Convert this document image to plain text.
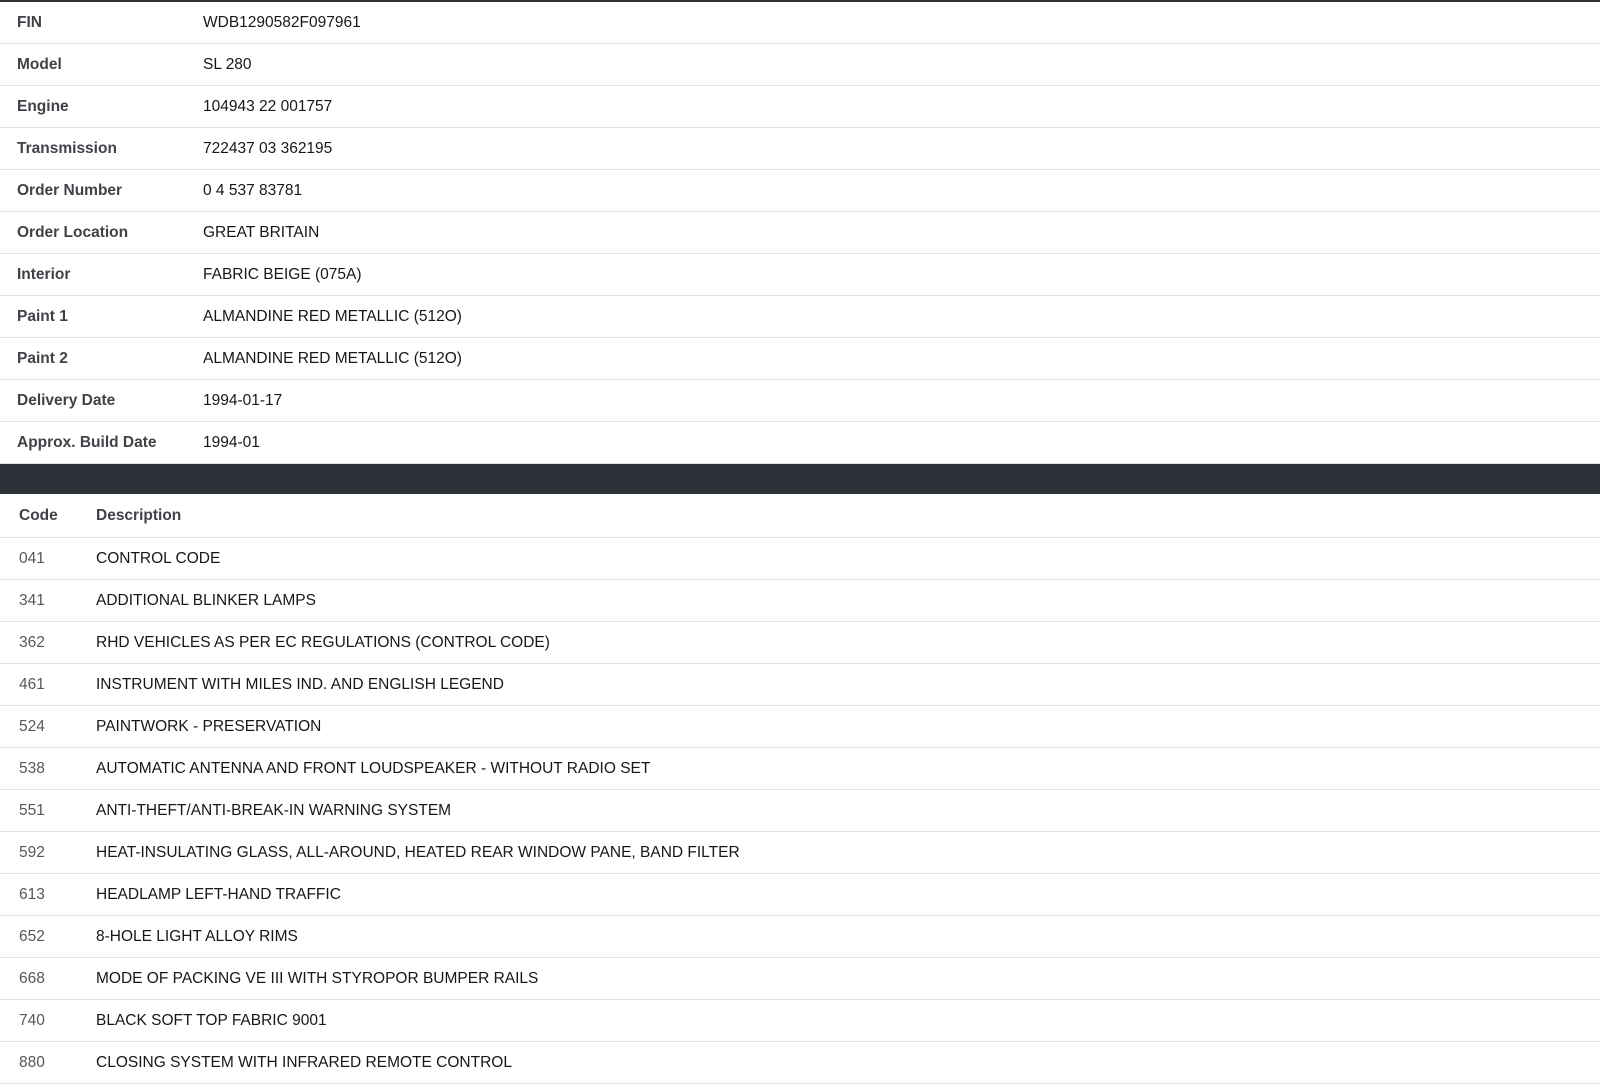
FIN	WDB1290582F097961
Model	SL 280
Engine	104943 22 001757
Transmission	722437 03 362195
Order Number	0 4 537 83781
Order Location	GREAT BRITAIN
Interior	FABRIC BEIGE (075A)
Paint 1	ALMANDINE RED METALLIC (512O)
Paint 2	ALMANDINE RED METALLIC (512O)
Delivery Date	1994-01-17
Approx. Build Date	1994-01
Code	Description
041	CONTROL CODE
341	ADDITIONAL BLINKER LAMPS
362	RHD VEHICLES AS PER EC REGULATIONS (CONTROL CODE)
461	INSTRUMENT WITH MILES IND. AND ENGLISH LEGEND
524	PAINTWORK - PRESERVATION
538	AUTOMATIC ANTENNA AND FRONT LOUDSPEAKER - WITHOUT RADIO SET
551	ANTI-THEFT/ANTI-BREAK-IN WARNING SYSTEM
592	HEAT-INSULATING GLASS, ALL-AROUND, HEATED REAR WINDOW PANE, BAND FILTER
613	HEADLAMP LEFT-HAND TRAFFIC
652	8-HOLE LIGHT ALLOY RIMS
668	MODE OF PACKING VE III WITH STYROPOR BUMPER RAILS
740	BLACK SOFT TOP FABRIC 9001
880	CLOSING SYSTEM WITH INFRARED REMOTE CONTROL
